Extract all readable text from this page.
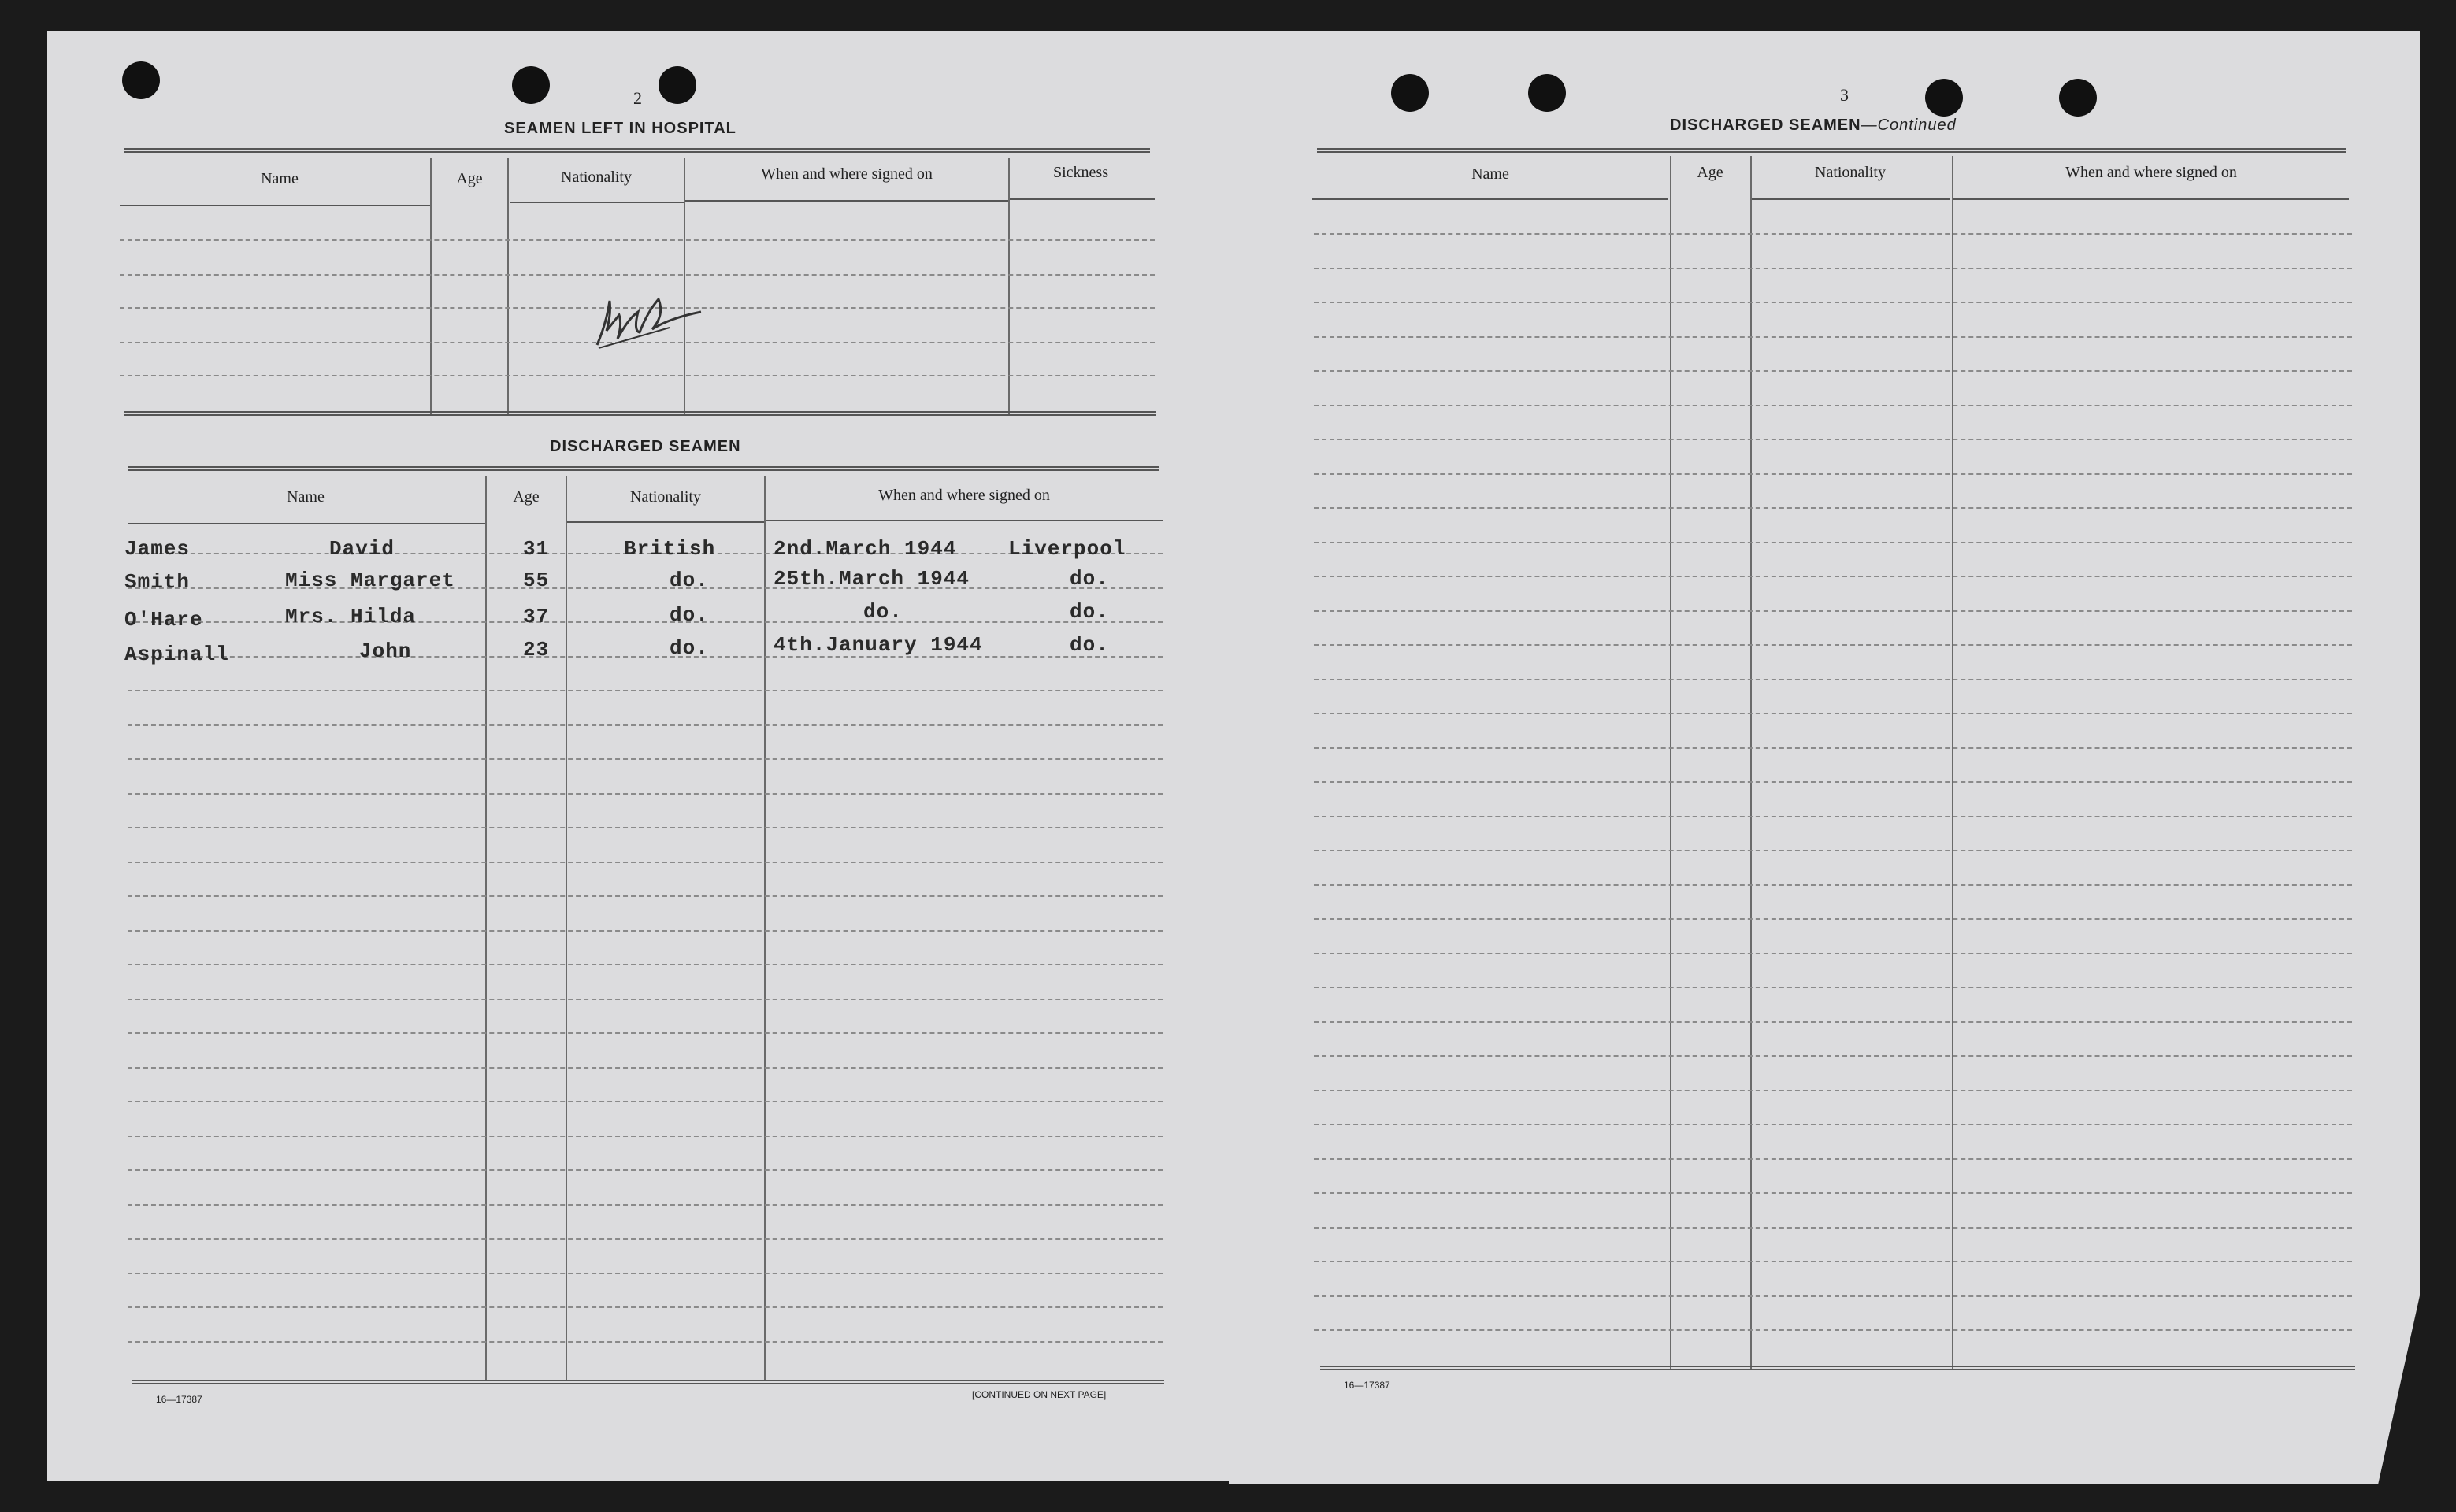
2
SEAMEN LEFT IN HOSPITAL
Name	Age	Nationality	When and where signed on	Sickness
DISCHARGED SEAMEN
Name	Age	Nationality	When and where signed on
James	David	31	British	2nd.March 1944	Liverpool
Smith	Miss Margaret	55	do.	25th.March 1944	do.
O'Hare	Mrs. Hilda	37	do.	do.	do.
Aspinall	John	23	do.	4th.January 1944	do.
16—17387	[CONTINUED ON NEXT PAGE]
3
DISCHARGED SEAMEN—Continued
Name	Age	Nationality	When and where signed on
16—17387
